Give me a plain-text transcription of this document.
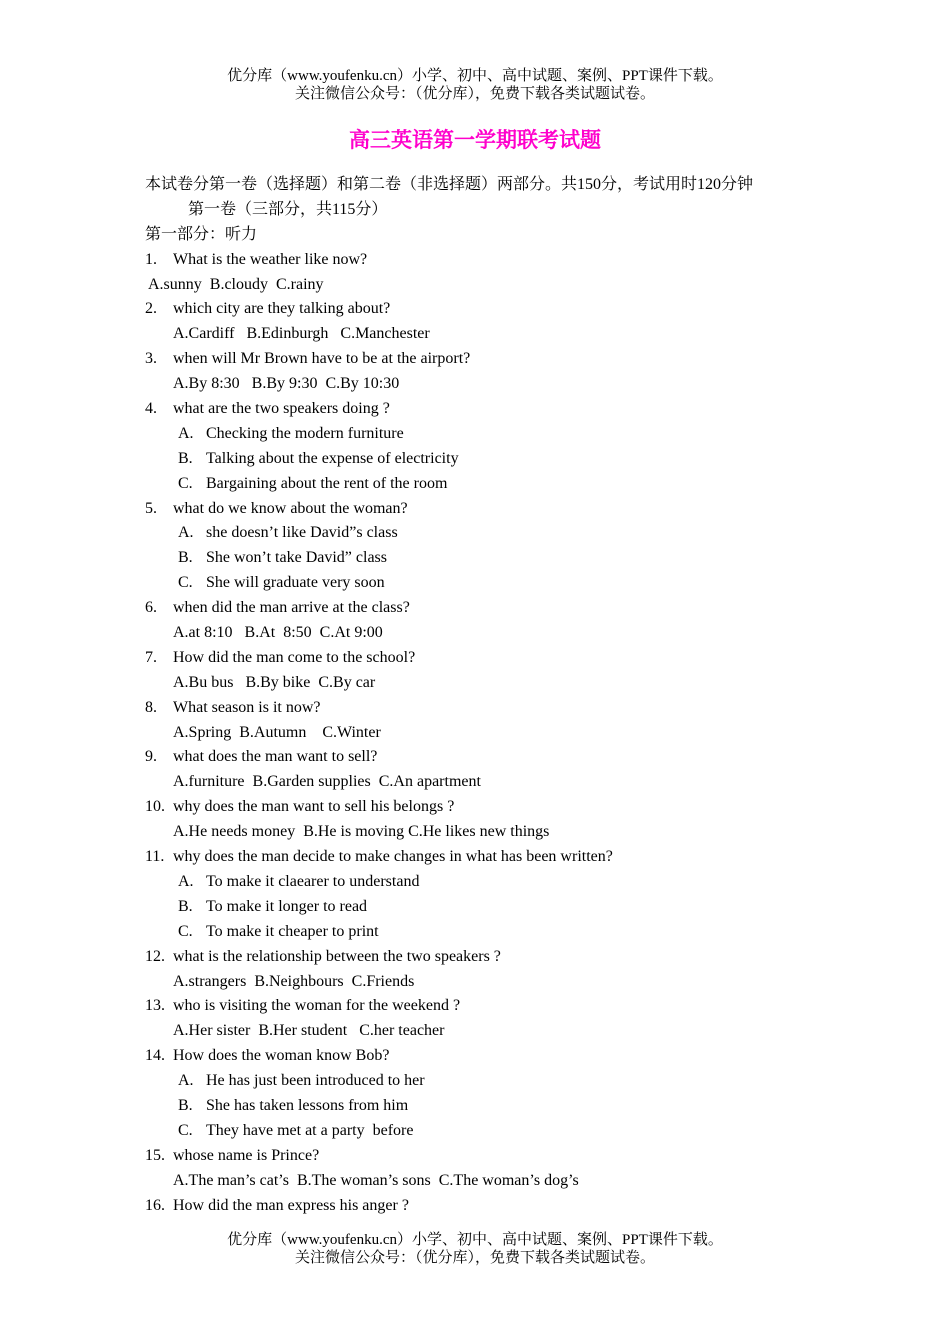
优分库（www.youfenku.cn）小学、初中、高中试题、案例、PPT课件下载。
关注微信公众号：（优分库），免费下载各类试题试卷。
高三英语第一学期联考试题
本试卷分第一卷（选择题）和第二卷（非选择题）两部分。共150分，考试用时120分钟
第一卷（三部分，共115分）
第一部分：听力
1.	What is the weather like now?
A.sunny  B.cloudy  C.rainy
2.	which city are they talking about?
A.Cardiff   B.Edinburgh   C.Manchester
3.	when will Mr Brown have to be at the airport?
A.By 8:30   B.By 9:30  C.By 10:30
4.	what are the two speakers doing ?
A. Checking the modern furniture
B. Talking about the expense of electricity
C. Bargaining about the rent of the room
5.	what do we know about the woman?
A. she doesn’t like David”s class
B. She won’t take David” class
C. She will graduate very soon
6.	when did the man arrive at the class?
A.at 8:10   B.At  8:50  C.At 9:00
7.	How did the man come to the school?
A.Bu bus   B.By bike  C.By car
8.	What season is it now?
A.Spring  B.Autumn    C.Winter
9.	what does the man want to sell?
A.furniture  B.Garden supplies  C.An apartment
10. why does the man want to sell his belongs ?
A.He needs money  B.He is moving C.He likes new things
11. why does the man decide to make changes in what has been written?
A. To make it claearer to understand
B. To make it longer to read
C. To make it cheaper to print
12. what is the relationship between the two speakers ?
A.strangers  B.Neighbours  C.Friends
13. who is visiting the woman for the weekend ?
A.Her sister  B.Her student   C.her teacher
14. How does the woman know Bob?
A. He has just been introduced to her
B. She has taken lessons from him
C. They have met at a party  before
15. whose name is Prince?
A.The man’s cat’s  B.The woman’s sons  C.The woman’s dog’s
16. How did the man express his anger ?
优分库（www.youfenku.cn）小学、初中、高中试题、案例、PPT课件下载。
关注微信公众号：（优分库），免费下载各类试题试卷。
